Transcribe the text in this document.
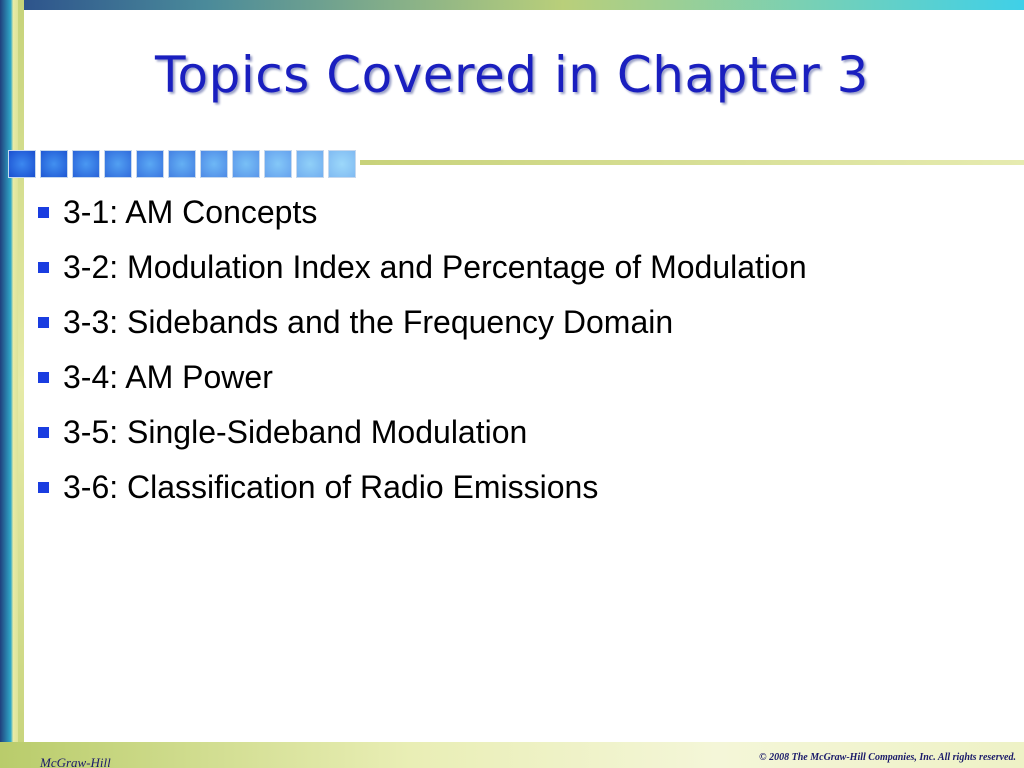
Topics Covered in Chapter 3
3-1: AM Concepts
3-2: Modulation Index and Percentage of Modulation
3-3: Sidebands and the Frequency Domain
3-4: AM Power
3-5: Single-Sideband Modulation
3-6: Classification of Radio Emissions
McGraw-Hill	© 2008 The McGraw-Hill Companies, Inc. All rights reserved.
